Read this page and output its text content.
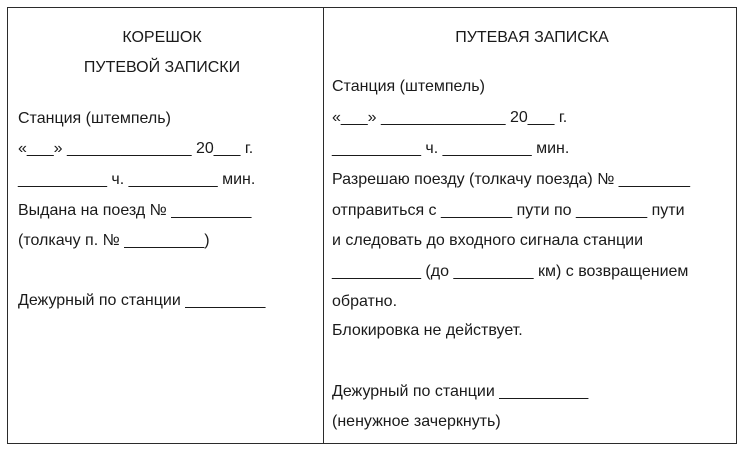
КОРЕШОК
ПУТЕВОЙ ЗАПИСКИ
Станция (штемпель)
«___» ______________ 20___ г.
__________ ч. __________ мин.
Выдана на поезд № _________
(толкачу п. № _________)
Дежурный по станции _________
ПУТЕВАЯ ЗАПИСКА
Станция (штемпель)
«___» ______________ 20___ г.
__________ ч. __________ мин.
Разрешаю поезду (толкачу поезда) № ________
отправиться с ________ пути по ________ пути
и следовать до входного сигнала станции
__________ (до _________ км) с возвращением
обратно.
Блокировка не действует.
Дежурный по станции __________
(ненужное зачеркнуть)
